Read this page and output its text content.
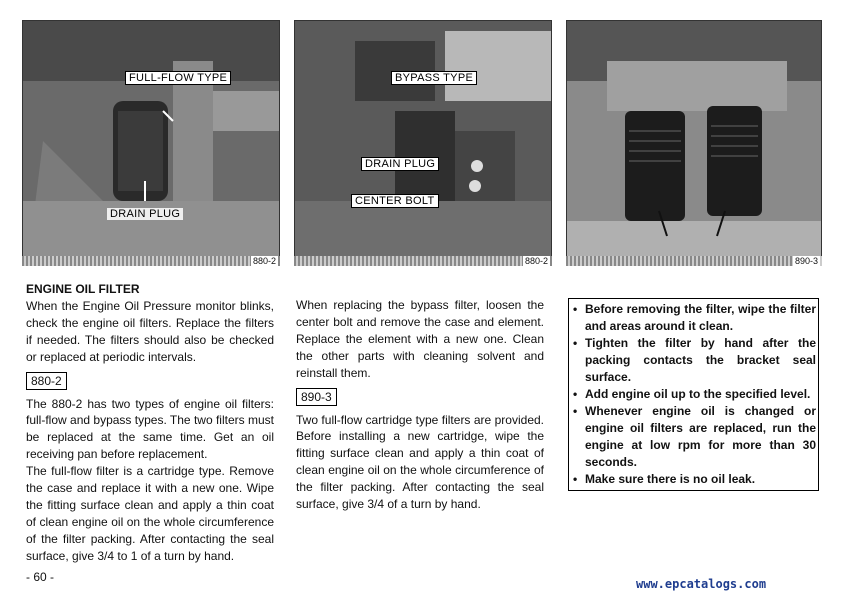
FULL-FLOW TYPE
DRAIN PLUG
880-2
BYPASS TYPE
DRAIN PLUG
CENTER BOLT
880-2	890-3

ENGINE OIL FILTER

When the Engine Oil Pressure monitor blinks, check the engine oil filters. Replace the filters if needed. The filters should also be checked or replaced at periodic intervals.

880-2

The 880-2 has two types of engine oil filters: full-flow and bypass types. The two filters must be replaced at the same time. Get an oil receiving pan before replacement.

The full-flow filter is a cartridge type. Remove the case and replace it with a new one. Wipe the fitting surface clean and apply a thin coat of clean engine oil on the whole circumference of the filter packing. After contacting the seal surface, give 3/4 to 1 of a turn by hand.

When replacing the bypass filter, loosen the center bolt and remove the case and element. Replace the element with a new one. Clean the other parts with cleaning solvent and reinstall them.

890-3

Two full-flow cartridge type filters are provided. Before installing a new cartridge, wipe the fitting surface clean and apply a thin coat of clean engine oil on the whole circumference of the filter packing. After contacting the seal surface, give 3/4 of a turn by hand.

• Before removing the filter, wipe the filter and areas around it clean.
• Tighten the filter by hand after the packing contacts the bracket seal surface.
• Add engine oil up to the specified level.
• Whenever engine oil is changed or engine oil filters are replaced, run the engine at low rpm for more than 30 seconds.
• Make sure there is no oil leak.
- 60 -	www.epcatalogs.com
